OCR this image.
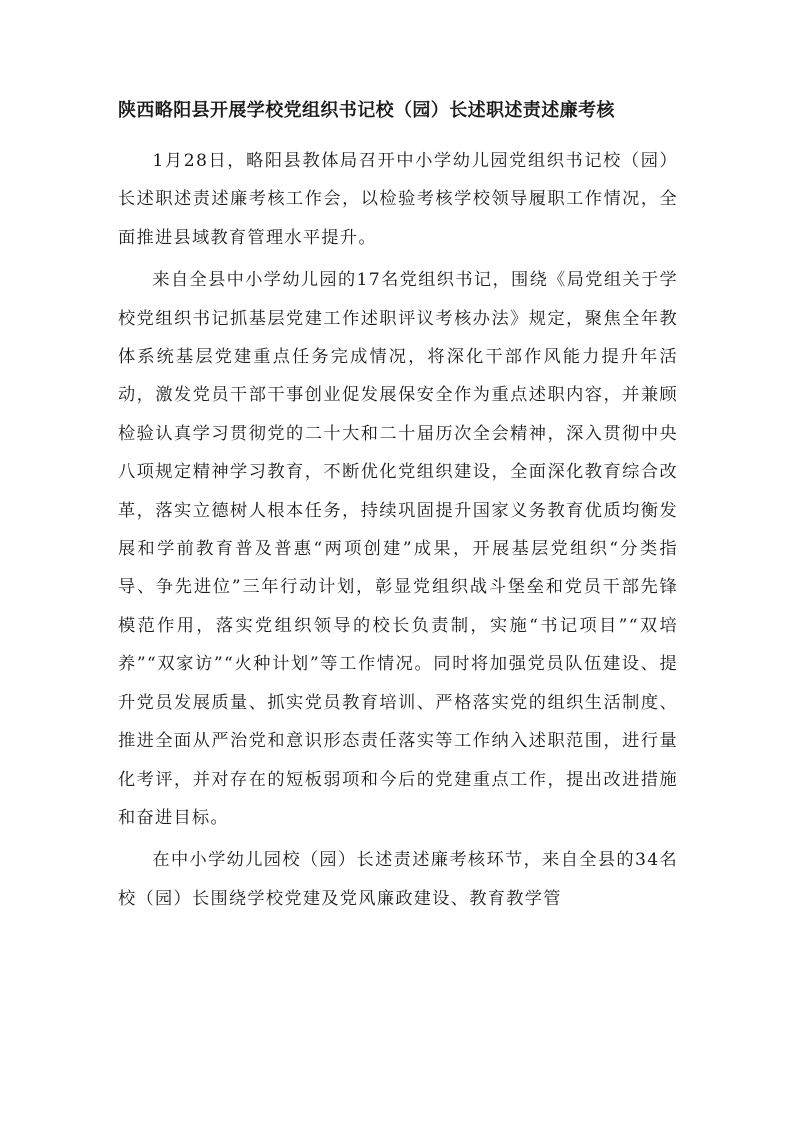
陕西略阳县开展学校党组织书记校（园）长述职述责述廉考核

1月28日，略阳县教体局召开中小学幼儿园党组织书记校（园）长述职述责述廉考核工作会，以检验考核学校领导履职工作情况，全面推进县域教育管理水平提升。

来自全县中小学幼儿园的17名党组织书记，围绕《局党组关于学校党组织书记抓基层党建工作述职评议考核办法》规定，聚焦全年教体系统基层党建重点任务完成情况，将深化干部作风能力提升年活动，激发党员干部干事创业促发展保安全作为重点述职内容，并兼顾检验认真学习贯彻党的二十大和二十届历次全会精神，深入贯彻中央八项规定精神学习教育，不断优化党组织建设，全面深化教育综合改革，落实立德树人根本任务，持续巩固提升国家义务教育优质均衡发展和学前教育普及普惠“两项创建”成果，开展基层党组织“分类指导、争先进位”三年行动计划，彰显党组织战斗堡垒和党员干部先锋模范作用，落实党组织领导的校长负责制，实施“书记项目”“双培养”“双家访”“火种计划”等工作情况。同时将加强党员队伍建设、提升党员发展质量、抓实党员教育培训、严格落实党的组织生活制度、推进全面从严治党和意识形态责任落实等工作纳入述职范围，进行量化考评，并对存在的短板弱项和今后的党建重点工作，提出改进措施和奋进目标。

在中小学幼儿园校（园）长述责述廉考核环节，来自全县的34名校（园）长围绕学校党建及党风廉政建设、教育教学管
